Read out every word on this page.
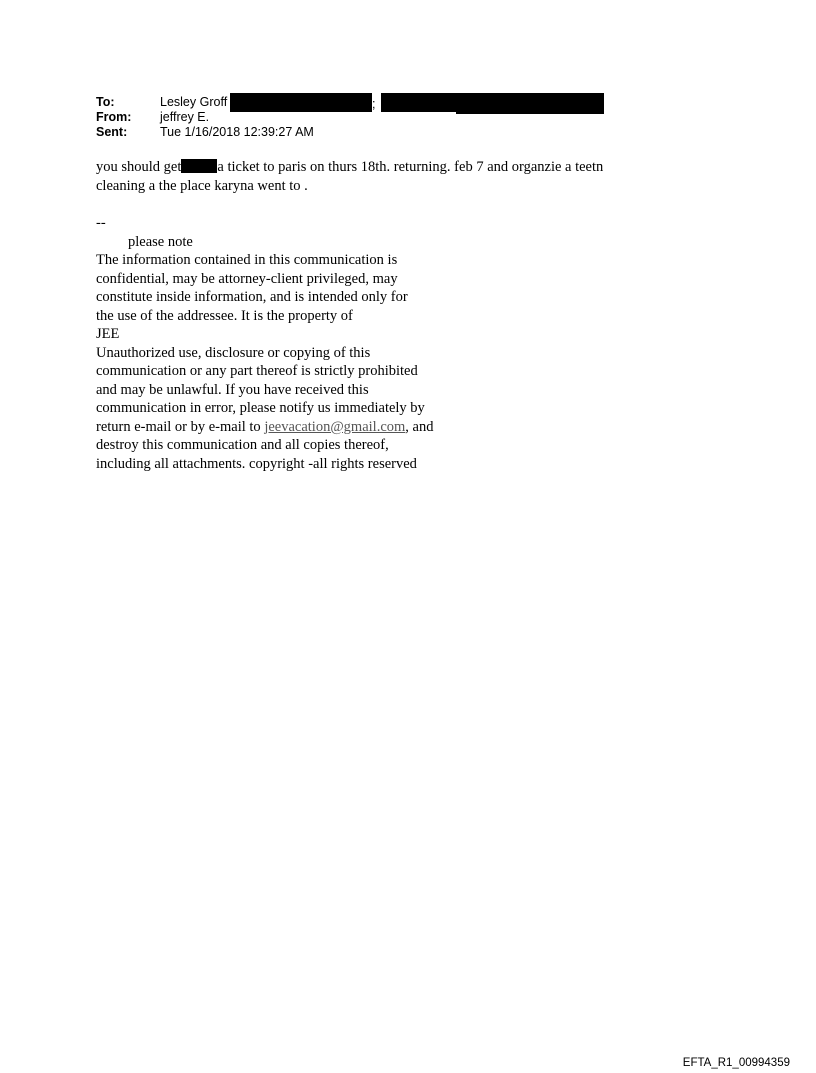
To:	Lesley Groff
From: jeffrey E.
Sent:	Tue 1/16/2018 12:39:27 AM
;
you should get a ticket to paris on thurs 18th. returning. feb 7 and organzie a teetn
cleaning a the place karyna went to .
--
please note
The information contained in this communication is
confidential, may be attorney-client privileged, may
constitute inside information, and is intended only for
the use of the addressee. It is the property of
JEE
Unauthorized use, disclosure or copying of this
communication or any part thereof is strictly prohibited
and may be unlawful. If you have received this
communication in error, please notify us immediately by
return e-mail or by e-mail to jeevacation@gmail.com, and
destroy this communication and all copies thereof,
including all attachments. copyright -all rights reserved
EFTA_R1_00994359
